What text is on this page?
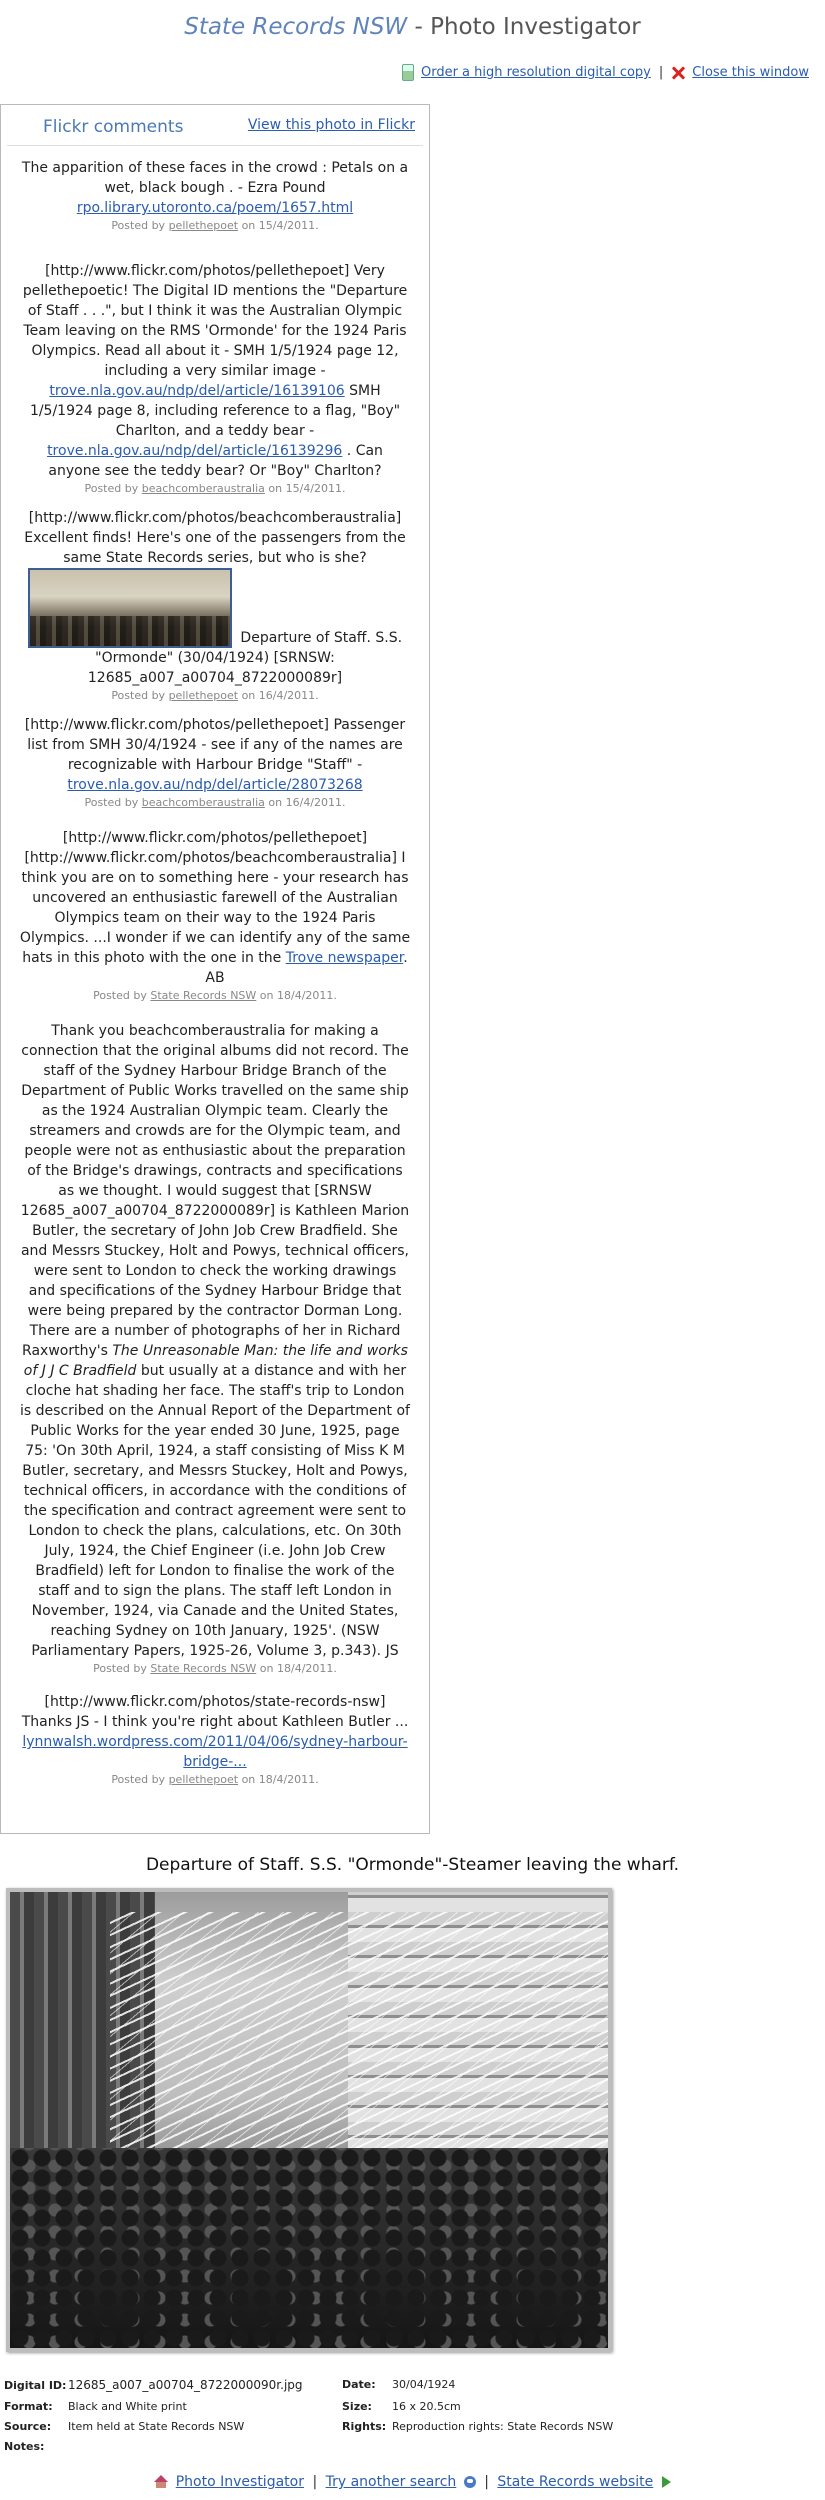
State Records NSW - Photo Investigator
Order a high resolution digital copy | Close this window
Flickr comments	View this photo in Flickr
The apparition of these faces in the crowd : Petals on a wet, black bough . - Ezra Pound
rpo.library.utoronto.ca/poem/1657.html
Posted by pellethepoet on 15/4/2011.
[http://www.flickr.com/photos/pellethepoet] Very pellethepoetic! The Digital ID mentions the "Departure of Staff . . .", but I think it was the Australian Olympic Team leaving on the RMS 'Ormonde' for the 1924 Paris Olympics. Read all about it - SMH 1/5/1924 page 12, including a very similar image - trove.nla.gov.au/ndp/del/article/16139106 SMH 1/5/1924 page 8, including reference to a flag, "Boy" Charlton, and a teddy bear - trove.nla.gov.au/ndp/del/article/16139296 . Can anyone see the teddy bear? Or "Boy" Charlton?
Posted by beachcomberaustralia on 15/4/2011.
[http://www.flickr.com/photos/beachcomberaustralia] Excellent finds! Here's one of the passengers from the same State Records series, but who is she?
Departure of Staff. S.S. "Ormonde" (30/04/1924) [SRNSW: 12685_a007_a00704_8722000089r]
Posted by pellethepoet on 16/4/2011.
[http://www.flickr.com/photos/pellethepoet] Passenger list from SMH 30/4/1924 - see if any of the names are recognizable with Harbour Bridge "Staff" - trove.nla.gov.au/ndp/del/article/28073268
Posted by beachcomberaustralia on 16/4/2011.
[http://www.flickr.com/photos/pellethepoet] [http://www.flickr.com/photos/beachcomberaustralia] I think you are on to something here - your research has uncovered an enthusiastic farewell of the Australian Olympics team on their way to the 1924 Paris Olympics. ...I wonder if we can identify any of the same hats in this photo with the one in the Trove newspaper. AB
Posted by State Records NSW on 18/4/2011.
Thank you beachcomberaustralia for making a connection that the original albums did not record. The staff of the Sydney Harbour Bridge Branch of the Department of Public Works travelled on the same ship as the 1924 Australian Olympic team. Clearly the streamers and crowds are for the Olympic team, and people were not as enthusiastic about the preparation of the Bridge's drawings, contracts and specifications as we thought. I would suggest that [SRNSW 12685_a007_a00704_8722000089r] is Kathleen Marion Butler, the secretary of John Job Crew Bradfield. She and Messrs Stuckey, Holt and Powys, technical officers, were sent to London to check the working drawings and specifications of the Sydney Harbour Bridge that were being prepared by the contractor Dorman Long. There are a number of photographs of her in Richard Raxworthy's The Unreasonable Man: the life and works of J J C Bradfield but usually at a distance and with her cloche hat shading her face. The staff's trip to London is described on the Annual Report of the Department of Public Works for the year ended 30 June, 1925, page 75: 'On 30th April, 1924, a staff consisting of Miss K M Butler, secretary, and Messrs Stuckey, Holt and Powys, technical officers, in accordance with the conditions of the specification and contract agreement were sent to London to check the plans, calculations, etc. On 30th July, 1924, the Chief Engineer (i.e. John Job Crew Bradfield) left for London to finalise the work of the staff and to sign the plans. The staff left London in November, 1924, via Canade and the United States, reaching Sydney on 10th January, 1925'. (NSW Parliamentary Papers, 1925-26, Volume 3, p.343). JS
Posted by State Records NSW on 18/4/2011.
[http://www.flickr.com/photos/state-records-nsw] Thanks JS - I think you're right about Kathleen Butler ... lynnwalsh.wordpress.com/2011/04/06/sydney-harbour-bridge-...
Posted by pellethepoet on 18/4/2011.
Departure of Staff. S.S. "Ormonde"-Steamer leaving the wharf.
Digital ID: 12685_a007_a00704_8722000090r.jpg	Date: 30/04/1924
Format: Black and White print	Size: 16 x 20.5cm
Source: Item held at State Records NSW	Rights: Reproduction rights: State Records NSW
Notes:
Photo Investigator | Try another search | State Records website
